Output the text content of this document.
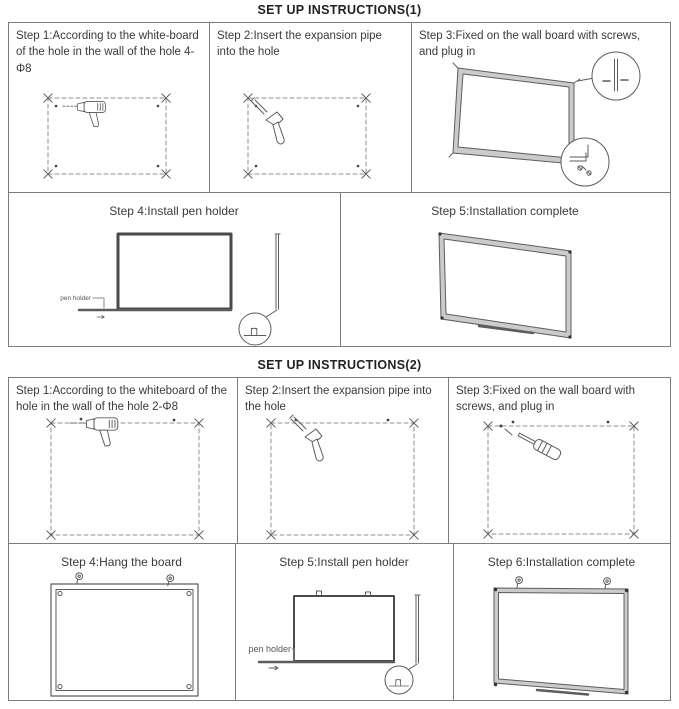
SET UP INSTRUCTIONS(1)
Step 1:According to the white-board of the hole in the wall of the hole 4-Φ8
Step 2:Insert the expansion pipe into the hole
Step 3:Fixed on the wall board with screws, and plug in
pen holder
Step 4:Install pen holder	Step 5:Installation complete
SET UP INSTRUCTIONS(2)
Step 1:According to the whiteboard of the hole in the wall of the hole 2-Φ8
Step 2:Insert the expansion pipe into the hole
Step 3:Fixed on the wall board with screws, and plug in
Step 4:Hang the board
pen holder
Step 5:Install pen holder	Step 6:Installation complete
